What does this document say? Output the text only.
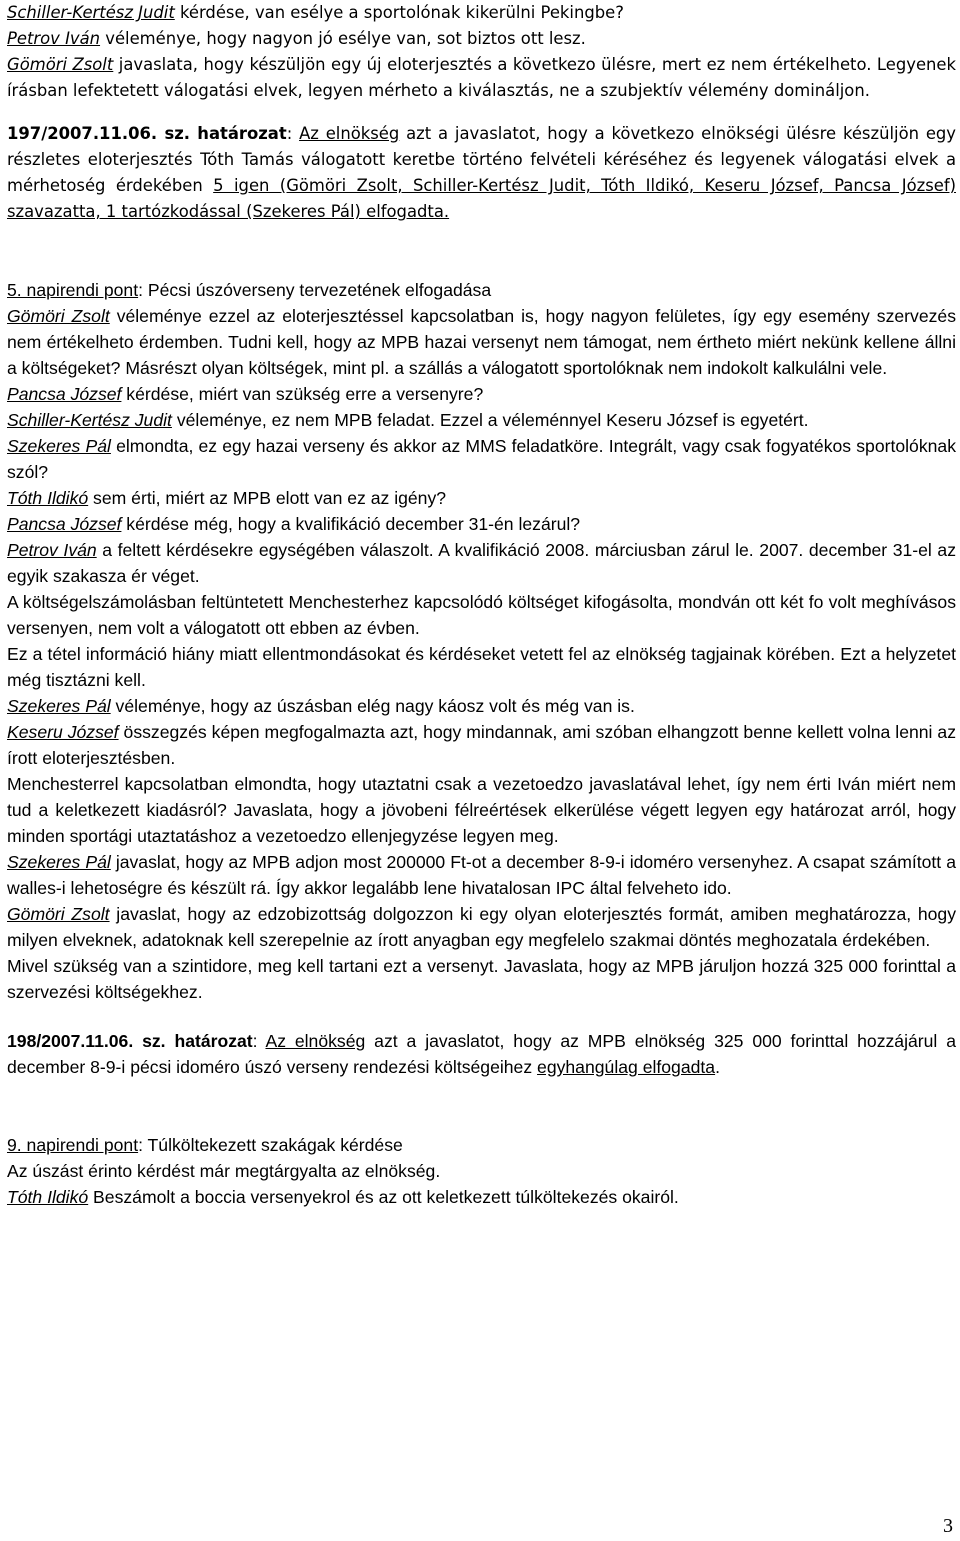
Schiller-Kertész Judit kérdése, van esélye a sportolónak kikerülni Pekingbe?

Petrov Iván véleménye, hogy nagyon jó esélye van, sot biztos ott lesz.

Gömöri Zsolt javaslata, hogy készüljön egy új eloterjesztés a következo ülésre, mert ez nem értékelheto. Legyenek írásban lefektetett válogatási elvek, legyen mérheto a kiválasztás, ne a szubjektív vélemény domináljon.

197/2007.11.06. sz. határozat: Az elnökség azt a javaslatot, hogy a következo elnökségi ülésre készüljön egy részletes eloterjesztés Tóth Tamás válogatott keretbe történo felvételi kéréséhez és legyenek válogatási elvek a mérhetoség érdekében 5 igen (Gömöri Zsolt, Schiller-Kertész Judit, Tóth Ildikó, Keseru József, Pancsa József) szavazatta, 1 tartózkodással (Szekeres Pál) elfogadta.

5. napirendi pont: Pécsi úszóverseny tervezetének elfogadása

Gömöri Zsolt véleménye ezzel az eloterjesztéssel kapcsolatban is, hogy nagyon felületes, így egy esemény szervezés nem értékelheto érdemben. Tudni kell, hogy az MPB hazai versenyt nem támogat, nem értheto miért nekünk kellene állni a költségeket? Másrészt olyan költségek, mint pl. a szállás a válogatott sportolóknak nem indokolt kalkulálni vele.

Pancsa József kérdése, miért van szükség erre a versenyre?

Schiller-Kertész Judit véleménye, ez nem MPB feladat. Ezzel a véleménnyel Keseru József is egyetért.

Szekeres Pál elmondta, ez egy hazai verseny és akkor az MMS feladatköre. Integrált, vagy csak fogyatékos sportolóknak szól?

Tóth Ildikó sem érti, miért az MPB elott van ez az igény?

Pancsa József kérdése még, hogy a kvalifikáció december 31-én lezárul?

Petrov Iván a feltett kérdésekre egységében válaszolt. A kvalifikáció 2008. márciusban zárul le. 2007. december 31-el az egyik szakasza ér véget.

A költségelszámolásban feltüntetett Menchesterhez kapcsolódó költséget kifogásolta, mondván ott két fo volt meghívásos versenyen, nem volt a válogatott ott ebben az évben.

Ez a tétel információ hiány miatt ellentmondásokat és kérdéseket vetett fel az elnökség tagjainak körében. Ezt a helyzetet még tisztázni kell.

Szekeres Pál véleménye, hogy az úszásban elég nagy káosz volt és még van is.

Keseru József összegzés képen megfogalmazta azt, hogy mindannak, ami szóban elhangzott benne kellett volna lenni az írott eloterjesztésben.

Menchesterrel kapcsolatban elmondta, hogy utaztatni csak a vezetoedzo javaslatával lehet, így nem érti Iván miért nem tud a keletkezett kiadásról? Javaslata, hogy a jövobeni félreértések elkerülése végett legyen egy határozat arról, hogy minden sportági utaztatáshoz a vezetoedzo ellenjegyzése legyen meg.

Szekeres Pál javaslat, hogy az MPB adjon most 200000 Ft-ot a december 8-9-i idoméro versenyhez. A csapat számított a walles-i lehetoségre és készült rá. Így akkor legalább lene hivatalosan IPC által felveheto ido.

Gömöri Zsolt javaslat, hogy az edzobizottság dolgozzon ki egy olyan eloterjesztés formát, amiben meghatározza, hogy milyen elveknek, adatoknak kell szerepelnie az írott anyagban egy megfelelo szakmai döntés meghozatala érdekében.

Mivel szükség van a szintidore, meg kell tartani ezt a versenyt. Javaslata, hogy az MPB járuljon hozzá 325 000 forinttal a szervezési költségekhez.

198/2007.11.06. sz. határozat: Az elnökség azt a javaslatot, hogy az MPB elnökség 325 000 forinttal hozzájárul a december 8-9-i pécsi idoméro úszó verseny rendezési költségeihez egyhangúlag elfogadta.

9. napirendi pont: Túlköltekezett szakágak kérdése

Az úszást érinto kérdést már megtárgyalta az elnökség.

Tóth Ildikó Beszámolt a boccia versenyekrol és az ott keletkezett túlköltekezés okairól.

3
